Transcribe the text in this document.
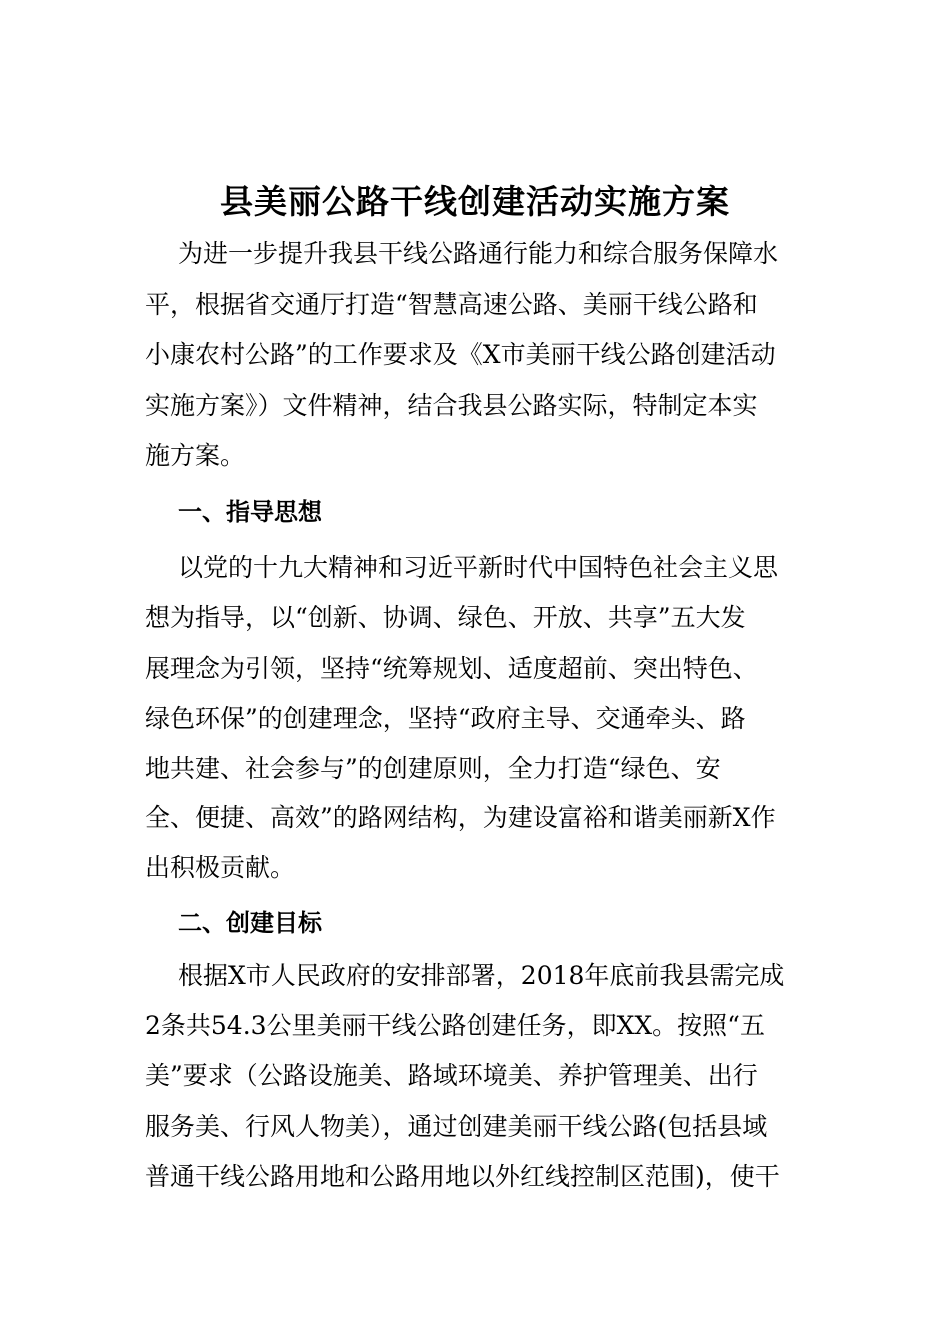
县美丽公路干线创建活动实施方案
为进一步提升我县干线公路通行能力和综合服务保障水
平，根据省交通厅打造“智慧高速公路、美丽干线公路和
小康农村公路”的工作要求及《X市美丽干线公路创建活动
实施方案》）文件精神，结合我县公路实际，特制定本实
施方案。
一、指导思想
以党的十九大精神和习近平新时代中国特色社会主义思
想为指导，以“创新、协调、绿色、开放、共享”五大发
展理念为引领，坚持“统筹规划、适度超前、突出特色、
绿色环保”的创建理念，坚持“政府主导、交通牵头、路
地共建、社会参与”的创建原则，全力打造“绿色、安
全、便捷、高效”的路网结构，为建设富裕和谐美丽新X作
出积极贡献。
二、创建目标
根据X市人民政府的安排部署，2018年底前我县需完成
2条共54.3公里美丽干线公路创建任务，即XX。按照“五
美”要求（公路设施美、路域环境美、养护管理美、出行
服务美、行风人物美），通过创建美丽干线公路(包括县域
普通干线公路用地和公路用地以外红线控制区范围)，使干
